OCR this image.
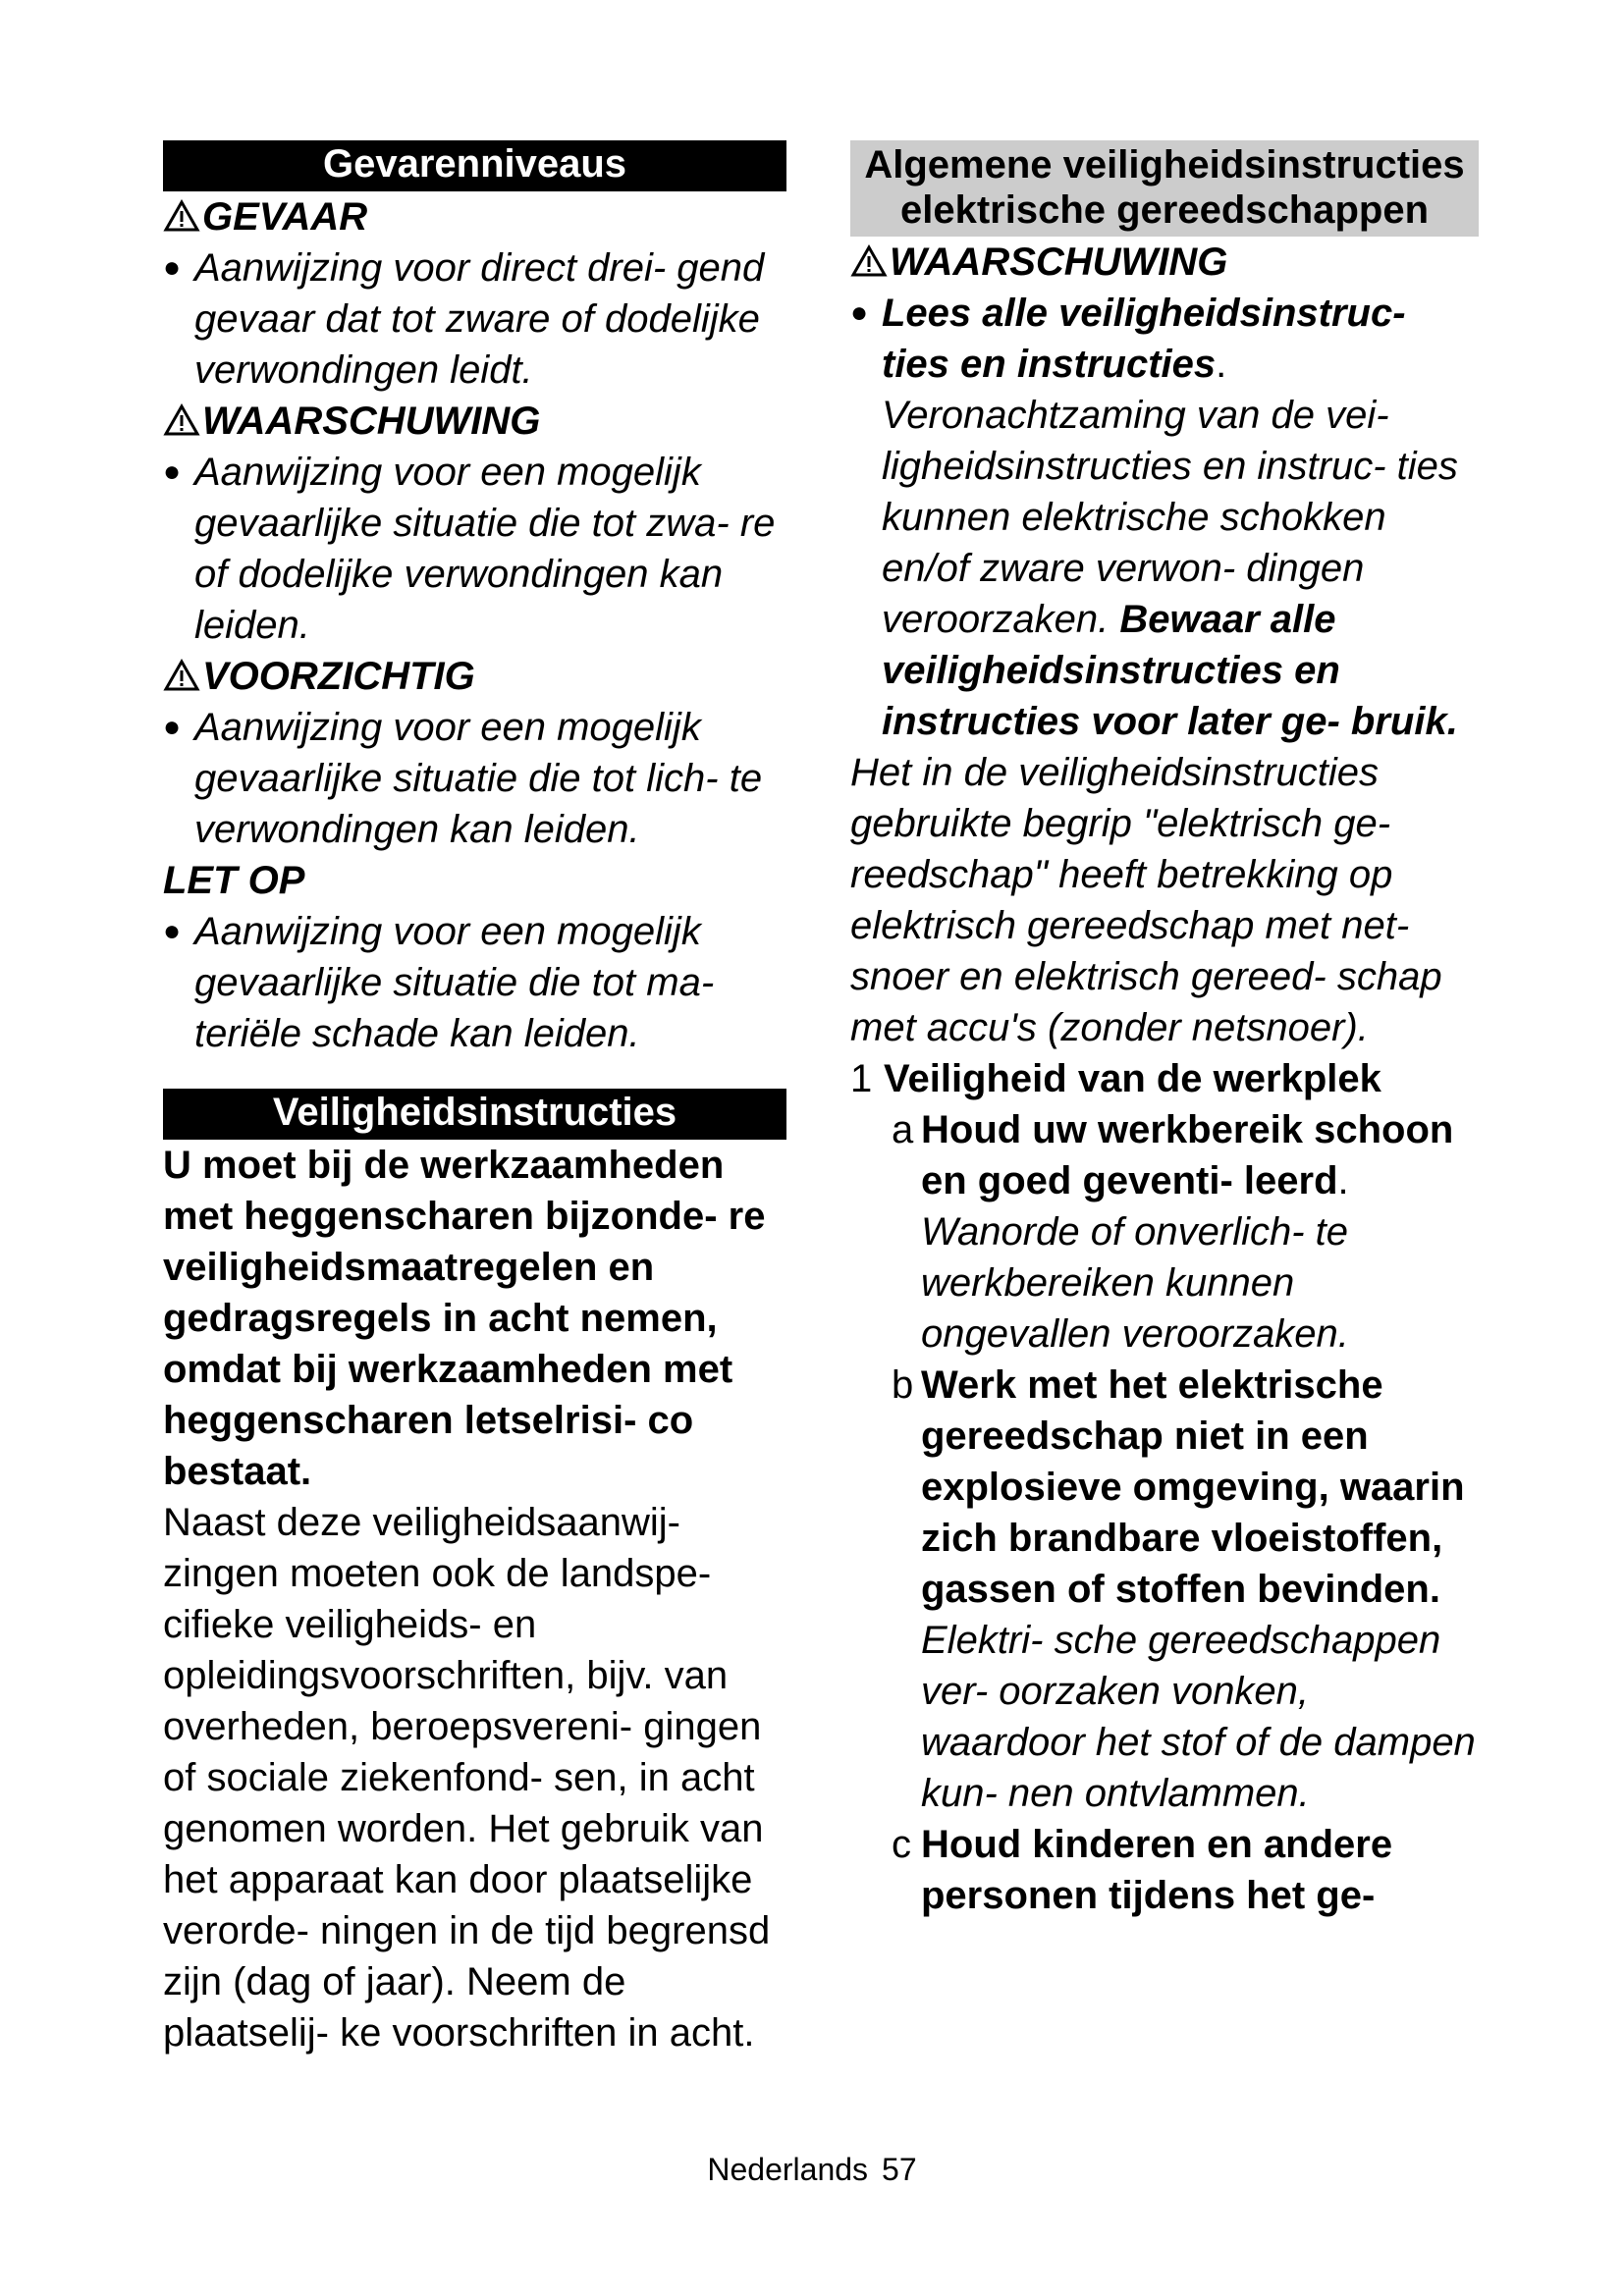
Gevarenniveaus
GEVAAR
● Aanwijzing voor direct drei- gend gevaar dat tot zware of dodelijke verwondingen leidt.
WAARSCHUWING
● Aanwijzing voor een mogelijk gevaarlijke situatie die tot zwa- re of dodelijke verwondingen kan leiden.
VOORZICHTIG
● Aanwijzing voor een mogelijk gevaarlijke situatie die tot lich- te verwondingen kan leiden.
LET OP
● Aanwijzing voor een mogelijk gevaarlijke situatie die tot ma- teriële schade kan leiden.
Veiligheidsinstructies

U moet bij de werkzaamheden met heggenscharen bijzonde- re veiligheidsmaatregelen en gedragsregels in acht nemen, omdat bij werkzaamheden met heggenscharen letselrisi- co bestaat.

Naast deze veiligheidsaanwij- zingen moeten ook de landspe- cifieke veiligheids- en opleidingsvoorschriften, bijv. van overheden, beroepsvereni- gingen of sociale ziekenfond- sen, in acht genomen worden. Het gebruik van het apparaat kan door plaatselijke verorde- ningen in de tijd begrensd zijn (dag of jaar). Neem de plaatselij- ke voorschriften in acht.

Algemene veiligheidsinstructies elektrische gereedschappen
WAARSCHUWING
● Lees alle veiligheidsinstruc- ties en instructies. Veronachtzaming van de vei- ligheidsinstructies en instruc- ties kunnen elektrische schokken en/of zware verwon- dingen veroorzaken. Bewaar alle veiligheidsinstructies en instructies voor later ge- bruik.

Het in de veiligheidsinstructies gebruikte begrip "elektrisch ge- reedschap" heeft betrekking op elektrisch gereedschap met net- snoer en elektrisch gereed- schap met accu's (zonder netsnoer).

1 Veiligheid van de werkplek
a Houd uw werkbereik schoon en goed geventi- leerd. Wanorde of onverlich- te werkbereiken kunnen ongevallen veroorzaken.
b Werk met het elektrische gereedschap niet in een explosieve omgeving, waarin zich brandbare vloeistoffen, gassen of stoffen bevinden. Elektri- sche gereedschappen ver- oorzaken vonken, waardoor het stof of de dampen kun- nen ontvlammen.
c Houd kinderen en andere personen tijdens het ge-
Nederlands 57
